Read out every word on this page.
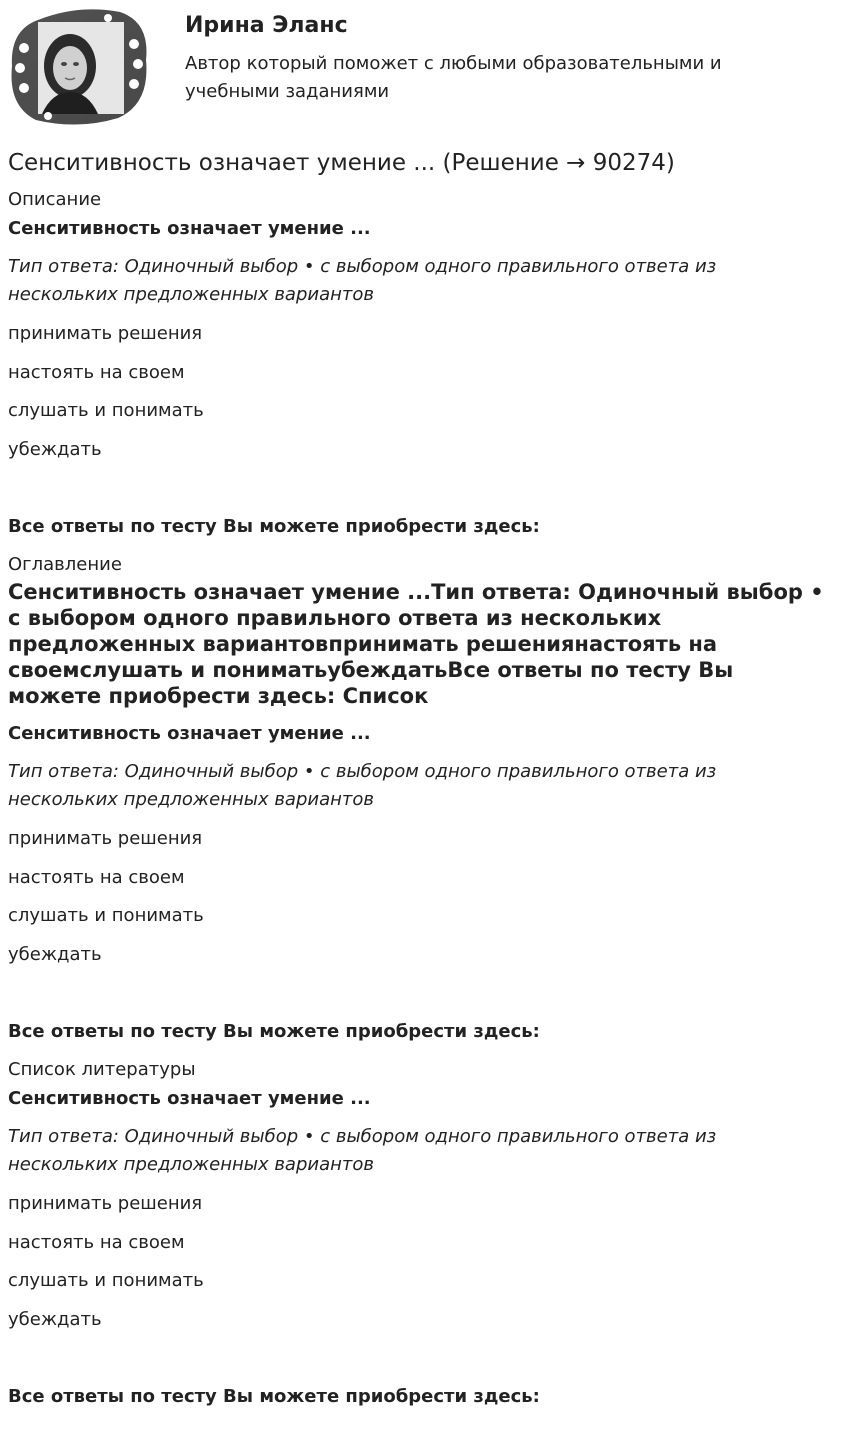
Ирина Эланс
Автор который поможет с любыми образовательными и учебными заданиями
Сенситивность означает умение ... (Решение → 90274)
Описание
Сенситивность означает умение ...
Тип ответа: Одиночный выбор • с выбором одного правильного ответа из нескольких предложенных вариантов
принимать решения
настоять на своем
слушать и понимать
убеждать
Все ответы по тесту Вы можете приобрести здесь:
Оглавление
Сенситивность означает умение ...Тип ответа: Одиночный выбор • с выбором одного правильного ответа из нескольких предложенных вариантовпринимать решениянастоять на своемслушать и пониматьубеждатьВсе ответы по тесту Вы можете приобрести здесь: Список
Сенситивность означает умение ...
Тип ответа: Одиночный выбор • с выбором одного правильного ответа из нескольких предложенных вариантов
принимать решения
настоять на своем
слушать и понимать
убеждать
Все ответы по тесту Вы можете приобрести здесь:
Список литературы
Сенситивность означает умение ...
Тип ответа: Одиночный выбор • с выбором одного правильного ответа из нескольких предложенных вариантов
принимать решения
настоять на своем
слушать и понимать
убеждать
Все ответы по тесту Вы можете приобрести здесь:
